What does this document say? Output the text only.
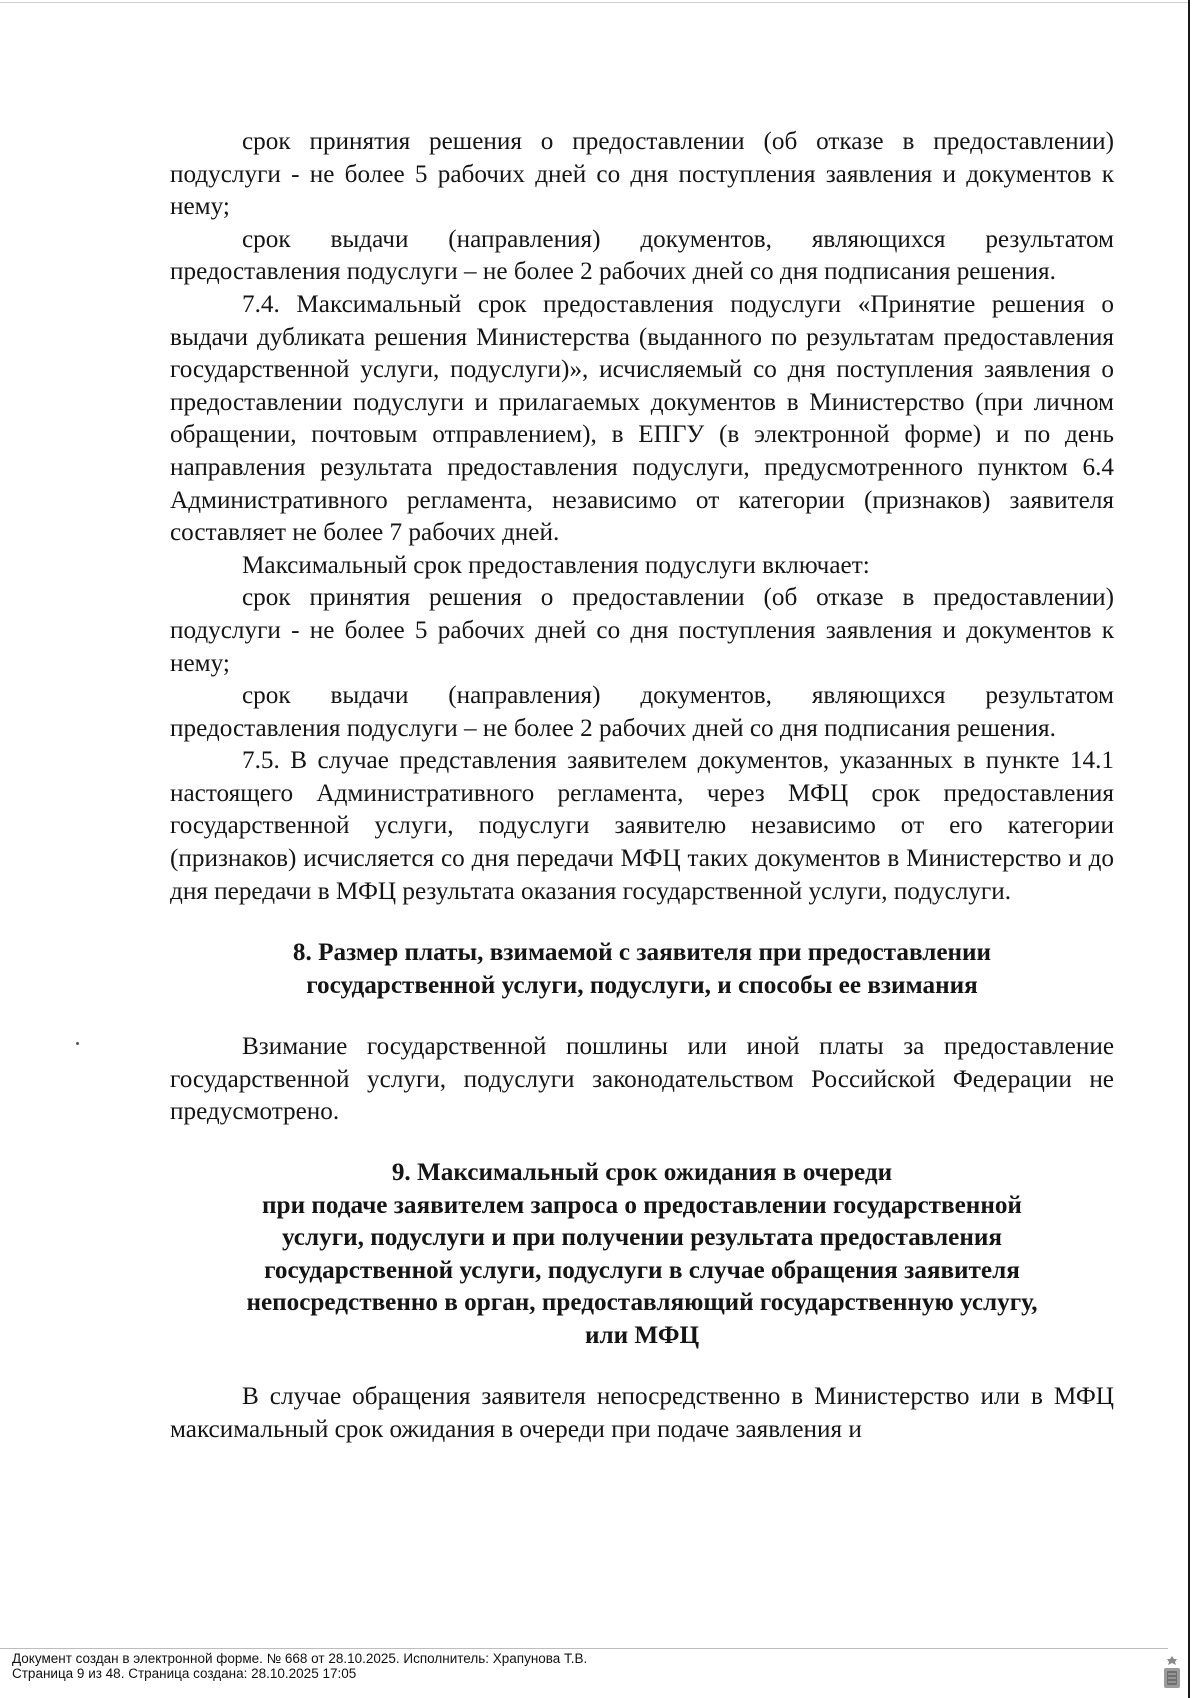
срок принятия решения о предоставлении (об отказе в предоставлении) подуслуги - не более 5 рабочих дней со дня поступления заявления и документов к нему;

срок выдачи (направления) документов, являющихся результатом предоставления подуслуги – не более 2 рабочих дней со дня подписания решения.

7.4. Максимальный срок предоставления подуслуги «Принятие решения о выдачи дубликата решения Министерства (выданного по результатам предоставления государственной услуги, подуслуги)», исчисляемый со дня поступления заявления о предоставлении подуслуги и прилагаемых документов в Министерство (при личном обращении, почтовым отправлением), в ЕПГУ (в электронной форме) и по день направления результата предоставления подуслуги, предусмотренного пунктом 6.4 Административного регламента, независимо от категории (признаков) заявителя составляет не более 7 рабочих дней.

Максимальный срок предоставления подуслуги включает:

срок принятия решения о предоставлении (об отказе в предоставлении) подуслуги - не более 5 рабочих дней со дня поступления заявления и документов к нему;

срок выдачи (направления) документов, являющихся результатом предоставления подуслуги – не более 2 рабочих дней со дня подписания решения.

7.5. В случае представления заявителем документов, указанных в пункте 14.1 настоящего Административного регламента, через МФЦ срок предоставления государственной услуги, подуслуги заявителю независимо от его категории (признаков) исчисляется со дня передачи МФЦ таких документов в Министерство и до дня передачи в МФЦ результата оказания государственной услуги, подуслуги.

8. Размер платы, взимаемой с заявителя при предоставлении

государственной услуги, подуслуги, и способы ее взимания

Взимание государственной пошлины или иной платы за предоставление государственной услуги, подуслуги законодательством Российской Федерации не предусмотрено.

9. Максимальный срок ожидания в очереди

при подаче заявителем запроса о предоставлении государственной

услуги, подуслуги и при получении результата предоставления

государственной услуги, подуслуги в случае обращения заявителя

непосредственно в орган, предоставляющий государственную услугу,

или МФЦ

В случае обращения заявителя непосредственно в Министерство или в МФЦ максимальный срок ожидания в очереди при подаче заявления и

Документ создан в электронной форме. № 668 от 28.10.2025. Исполнитель: Храпунова Т.В.
Страница 9 из 48. Страница создана: 28.10.2025 17:05
